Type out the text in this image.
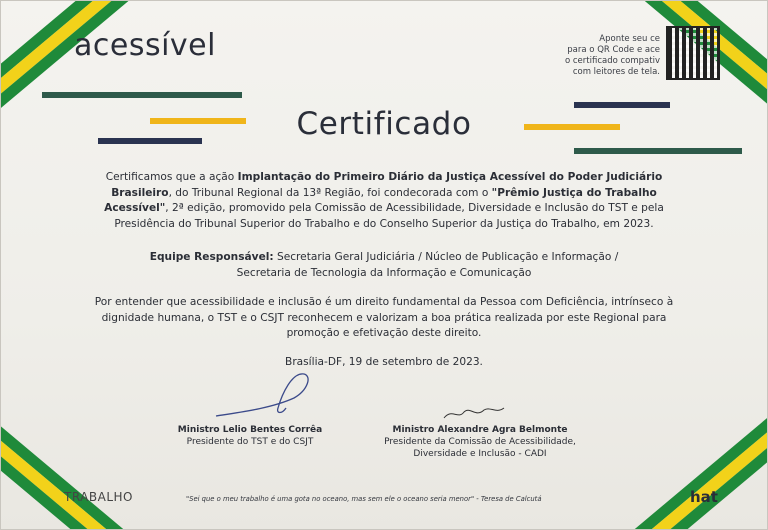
acessível	Aponte seu ce
para o QR Code e ace
o certificado compativ
com leitores de tela.
Certificado
Certificamos que a ação Implantação do Primeiro Diário da Justiça Acessível do Poder Judiciário Brasileiro, do Tribunal Regional da 13ª Região, foi condecorada com o "Prêmio Justiça do Trabalho Acessível", 2ª edição, promovido pela Comissão de Acessibilidade, Diversidade e Inclusão do TST e pela Presidência do Tribunal Superior do Trabalho e do Conselho Superior da Justiça do Trabalho, em 2023.
Equipe Responsável: Secretaria Geral Judiciária / Núcleo de Publicação e Informação /
Secretaria de Tecnologia da Informação e Comunicação
Por entender que acessibilidade e inclusão é um direito fundamental da Pessoa com Deficiência, intrínseco à dignidade humana, o TST e o CSJT reconhecem e valorizam a boa prática realizada por este Regional para promoção e efetivação deste direito.
Brasília-DF, 19 de setembro de 2023.
Ministro Lelio Bentes Corrêa
Presidente do TST e do CSJT
Ministro Alexandre Agra Belmonte
Presidente da Comissão de Acessibilidade,
Diversidade e Inclusão - CADI
TRABALHO	"Sei que o meu trabalho é uma gota no oceano, mas sem ele o oceano seria menor" - Teresa de Calcutá	hat
